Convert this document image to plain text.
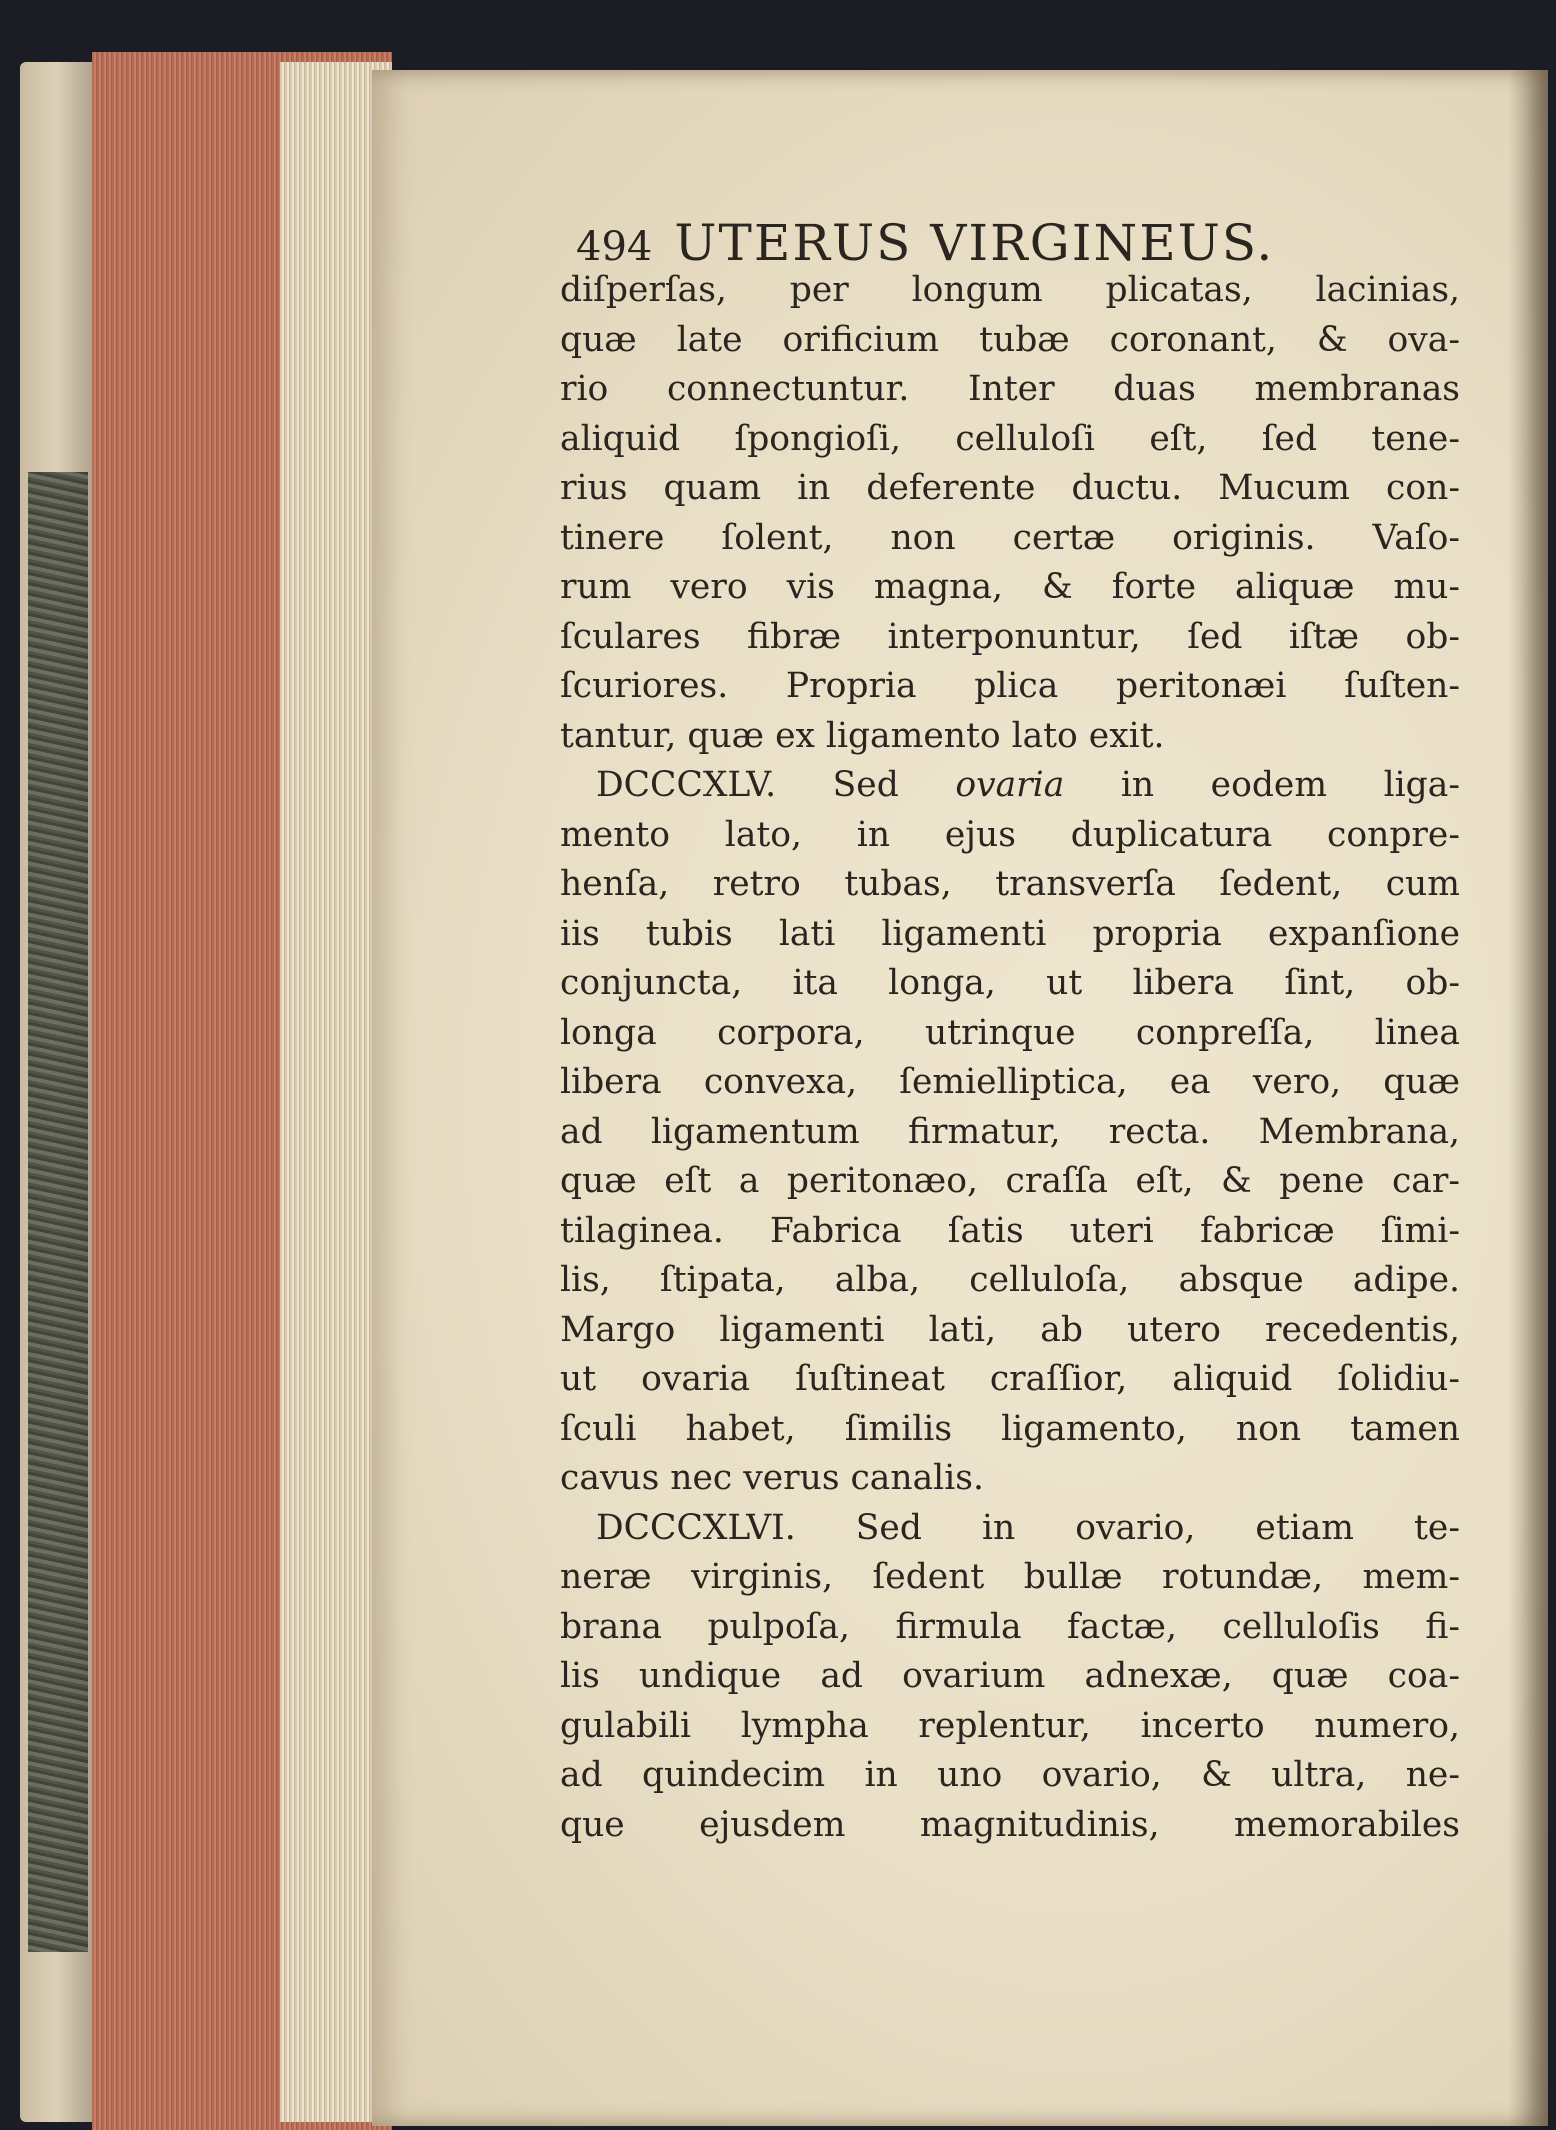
494 UTERUS VIRGINEUS.
diſperſas, per longum plicatas, lacinias,
quæ late orificium tubæ coronant, & ova-
rio connectuntur. Inter duas membranas
aliquid ſpongioſi, celluloſi eſt, ſed tene-
rius quam in deferente ductu. Mucum con-
tinere ſolent, non certæ originis. Vaſo-
rum vero vis magna, & forte aliquæ mu-
ſculares fibræ interponuntur, ſed iſtæ ob-
ſcuriores. Propria plica peritonæi ſuſten-
tantur, quæ ex ligamento lato exit.
DCCCXLV. Sed ovaria in eodem liga-
mento lato, in ejus duplicatura conpre-
henſa, retro tubas, transverſa ſedent, cum
iis tubis lati ligamenti propria expanſione
conjuncta, ita longa, ut libera ſint, ob-
longa corpora, utrinque conpreſſa, linea
libera convexa, ſemielliptica, ea vero, quæ
ad ligamentum firmatur, recta. Membrana,
quæ eſt a peritonæo, craſſa eſt, & pene car-
tilaginea. Fabrica ſatis uteri fabricæ ſimi-
lis, ſtipata, alba, celluloſa, absque adipe.
Margo ligamenti lati, ab utero recedentis,
ut ovaria ſuſtineat craſſior, aliquid ſolidiu-
ſculi habet, ſimilis ligamento, non tamen
cavus nec verus canalis.
DCCCXLVI. Sed in ovario, etiam te-
neræ virginis, ſedent bullæ rotundæ, mem-
brana pulpoſa, firmula factæ, celluloſis fi-
lis undique ad ovarium adnexæ, quæ coa-
gulabili lympha replentur, incerto numero,
ad quindecim in uno ovario, & ultra, ne-
que ejusdem magnitudinis, memorabiles
